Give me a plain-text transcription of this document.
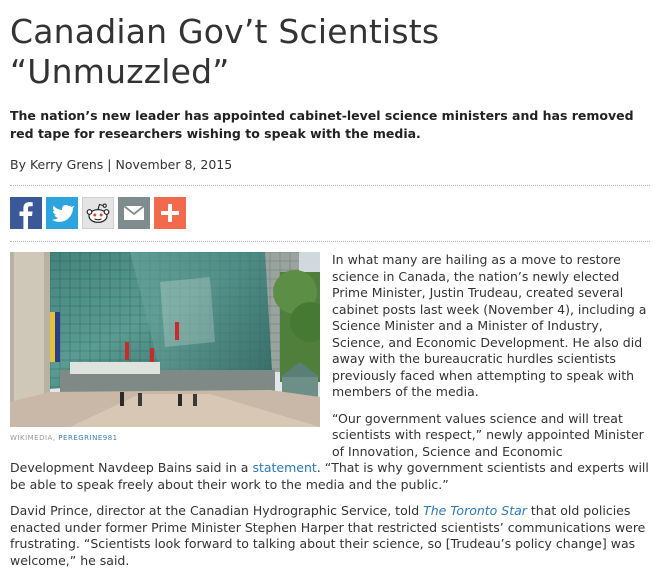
Canadian Gov’t Scientists
“Unmuzzled”
The nation’s new leader has appointed cabinet-level science ministers and has removed red tape for researchers wishing to speak with the media.
By Kerry Grens | November 8, 2015
WIKIMEDIA, PEREGRINE981

In what many are hailing as a move to restore science in Canada, the nation’s newly elected Prime Minister, Justin Trudeau, created several cabinet posts last week (November 4), including a Science Minister and a Minister of Industry, Science, and Economic Development. He also did away with the bureaucratic hurdles scientists previously faced when attempting to speak with members of the media.

“Our government values science and will treat scientists with respect,” newly appointed Minister of Innovation, Science and Economic Development Navdeep Bains said in a statement. “That is why government scientists and experts will be able to speak freely about their work to the media and the public.”

David Prince, director at the Canadian Hydrographic Service, told The Toronto Star that old policies enacted under former Prime Minister Stephen Harper that restricted scientists’ communications were frustrating. “Scientists look forward to talking about their science, so [Trudeau’s policy change] was welcome,” he said.
